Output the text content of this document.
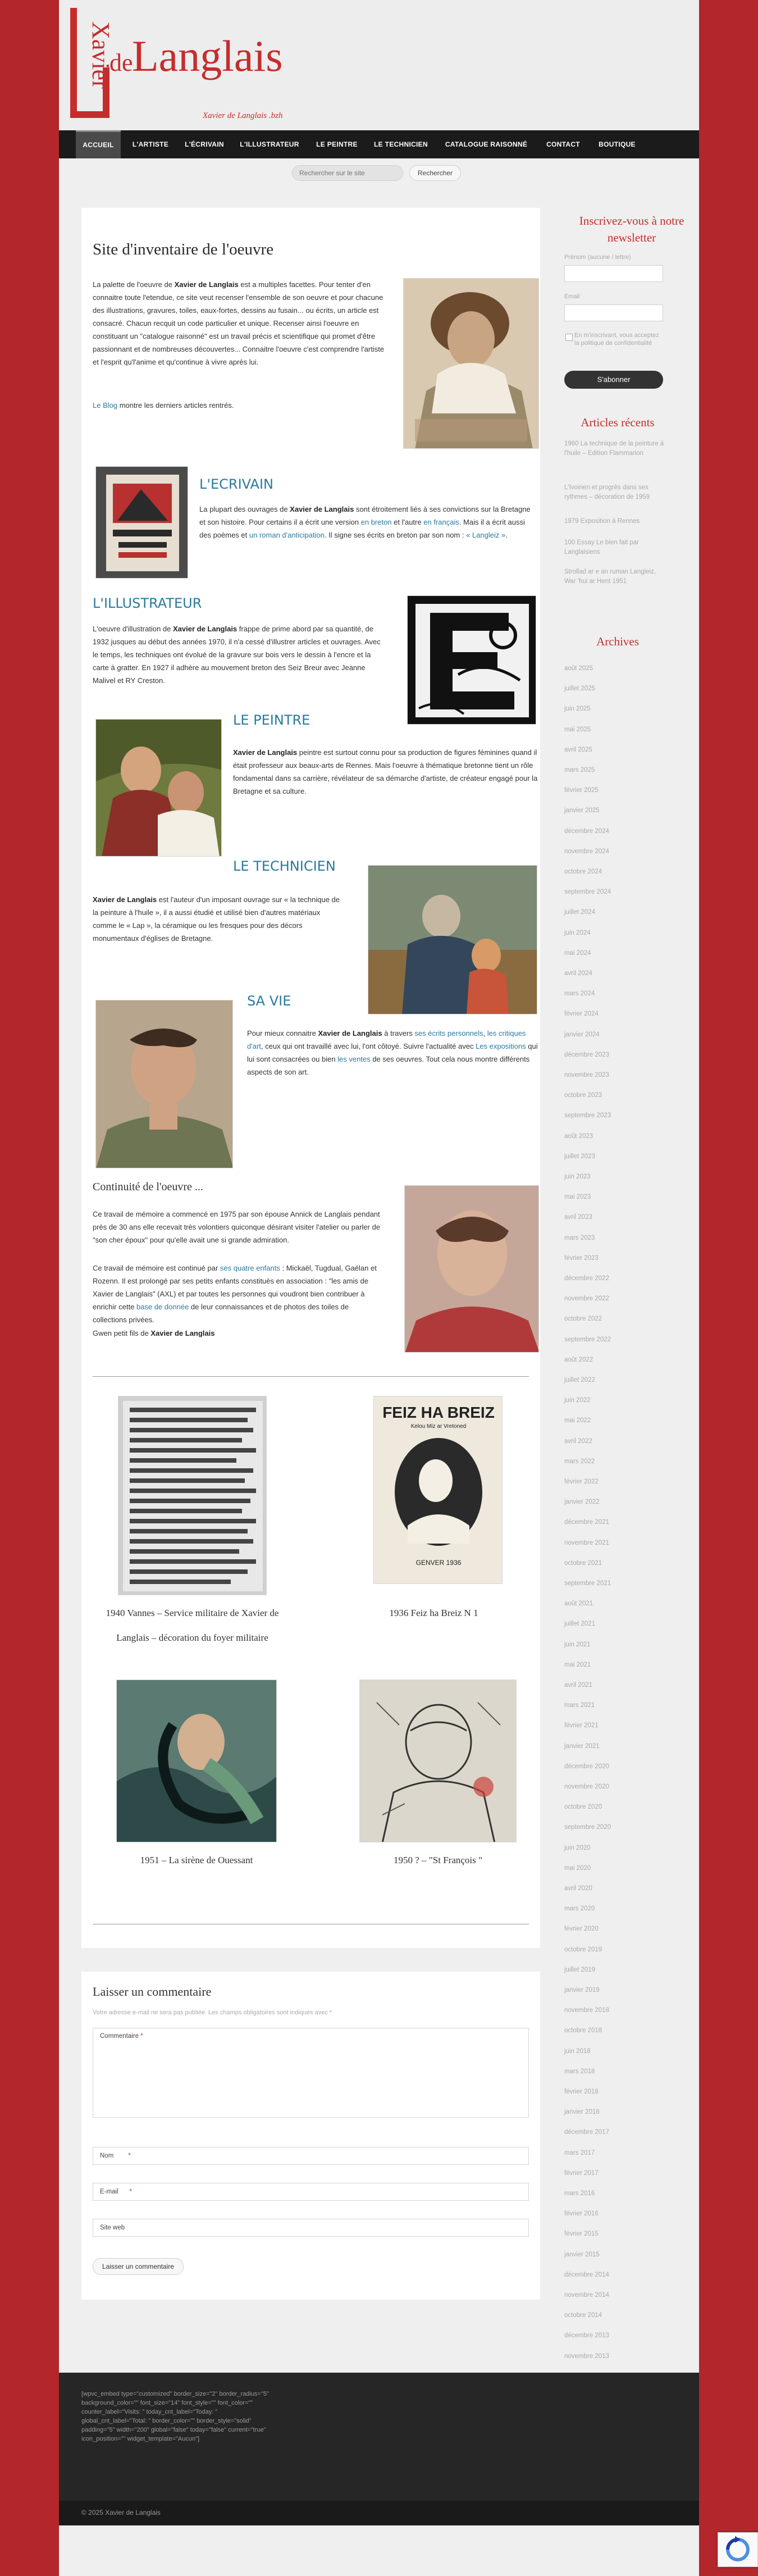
Xavier
de
Langlais
Xavier de Langlais .bzh
ACCUEIL	L'ARTISTE	L'ÉCRIVAIN	L'ILLUSTRATEUR	LE PEINTRE	LE TECHNICIEN	CATALOGUE RAISONNÉ	CONTACT	BOUTIQUE
Rechercher sur le site
Rechercher
Site d'inventaire de l'oeuvre
La palette de l'oeuvre de Xavier de Langlais est a multiples facettes. Pour tenter d'en connaitre toute l'etendue, ce site veut recenser l'ensemble de son oeuvre et pour chacune des illustrations, gravures, toiles, eaux-fortes, dessins au fusain... ou écrits, un article est consacré. Chacun recquit un code particulier et unique. Recenser ainsi l'oeuvre en constituant un "catalogue raisonné" est un travail précis et scientifique qui promet d'être passionnant et de nombreuses découvertes... Connaitre l'oeuvre c'est comprendre l'artiste et l'esprit qu'l'anime et qu'continue à vivre après lui.
Le Blog montre les derniers articles rentrés.
L'ECRIVAIN
La plupart des ouvrages de Xavier de Langlais sont étroitement liés à ses convictions sur la Bretagne et son histoire. Pour certains il a écrit une version en breton et l'autre en français. Mais il a écrit aussi des poèmes et un roman d'anticipation. Il signe ses écrits en breton par son nom : « Langleiz ».
L'ILLUSTRATEUR
L'oeuvre d'illustration de Xavier de Langlais frappe de prime abord par sa quantité, de 1932 jusques au début des années 1970, il n'a cessé d'illustrer articles et ouvrages. Avec le temps, les techniques ont évolué de la gravure sur bois vers le dessin à l'encre et la carte à gratter. En 1927 il adhère au mouvement breton des Seiz Breur avec Jeanne Malivel et RY Creston.
LE PEINTRE
Xavier de Langlais peintre est surtout connu pour sa production de figures féminines quand il était professeur aux beaux-arts de Rennes. Mais l'oeuvre à thématique bretonne tient un rôle fondamental dans sa carrière, révélateur de sa démarche d'artiste, de créateur engagé pour la Bretagne et sa culture.
LE TECHNICIEN
Xavier de Langlais est l'auteur d'un imposant ouvrage sur « la technique de la peinture à l'huile », il a aussi étudié et utilisé bien d'autres matériaux comme le « Lap », la céramique ou les fresques pour des décors monumentaux d'églises de Bretagne.
SA VIE
Pour mieux connaitre Xavier de Langlais à travers ses écrits personnels, les critiques d'art, ceux qui ont travaillé avec lui, l'ont côtoyé. Suivre l'actualité avec Les expositions qui lui sont consacrées ou bien les ventes de ses oeuvres. Tout cela nous montre différents aspects de son art.
Continuité de l'oeuvre ...
Ce travail de mémoire a commencé en 1975 par son épouse Annick de Langlais pendant près de 30 ans elle recevait très volontiers quiconque désirant visiter l'atelier ou parler de "son cher époux" pour qu'elle avait une si grande admiration.
Ce travail de mémoire est continué par ses quatre enfants : Mickaël, Tugdual, Gaëlan et Rozenn. Il est prolongé par ses petits enfants constitués en association : "les amis de Xavier de Langlais" (AXL) et par toutes les personnes qui voudront bien contribuer à enrichir cette base de donnée de leur connaissances et de photos des toiles de collections privées.
Gwen petit fils de Xavier de Langlais
1940 Vannes – Service militaire de Xavier de
Langlais – décoration du foyer militaire
FEIZ HA BREIZ
Kelou Miz ar Vretoned
GENVER 1936
1936 Feiz ha Breiz N 1
1951 – La sirène de Ouessant	1950 ? – "St François "
Laisser un commentaire
Votre adresse e-mail ne sera pas publiée. Les champs obligatoires sont indiqués avec *
Commentaire *
Nom *
E-mail *
Site web
Laisser un commentaire
Inscrivez-vous à notre
newsletter
Prénom (aucune / lettre)
Email
En m'inscrivant, vous acceptez la politique de confidentialité
S'abonner
Articles récents
1960 La technique de la peinture à l'huile – Edition Flammarion
L'Ivoirien et progrès dans ses rythmes – décoration de 1959
1979 Exposition à Rennes
100 Essay Le bien fait par Langlaisiens
Strollad ar e an ruman Langleiz, War 'hui ar Hent 1951
Archives
août 2025
juillet 2025
juin 2025
mai 2025
avril 2025
mars 2025
février 2025
janvier 2025
décembre 2024
novembre 2024
octobre 2024
septembre 2024
juillet 2024
juin 2024
mai 2024
avril 2024
mars 2024
février 2024
janvier 2024
décembre 2023
novembre 2023
octobre 2023
septembre 2023
août 2023
juillet 2023
juin 2023
mai 2023
avril 2023
mars 2023
février 2023
décembre 2022
novembre 2022
octobre 2022
septembre 2022
août 2022
juillet 2022
juin 2022
mai 2022
avril 2022
mars 2022
février 2022
janvier 2022
décembre 2021
novembre 2021
octobre 2021
septembre 2021
août 2021
juillet 2021
juin 2021
mai 2021
avril 2021
mars 2021
février 2021
janvier 2021
décembre 2020
novembre 2020
octobre 2020
septembre 2020
juin 2020
mai 2020
avril 2020
mars 2020
février 2020
octobre 2019
juillet 2019
janvier 2019
novembre 2018
octobre 2018
juin 2018
mars 2018
février 2018
janvier 2018
décembre 2017
mars 2017
février 2017
mars 2016
février 2016
février 2015
janvier 2015
décembre 2014
novembre 2014
octobre 2014
décembre 2013
novembre 2013
[wpvc_embed type="customized" border_size="2" border_radius="5" background_color="" font_size="14" font_style="" font_color="" counter_label="Visits: " today_cnt_label="Today: " global_cnt_label="Total: " border_color="" border_style="solid" padding="5" width="200" global="false" today="false" current="true" icon_position="" widget_template="Aucun"]
© 2025 Xavier de Langlais
